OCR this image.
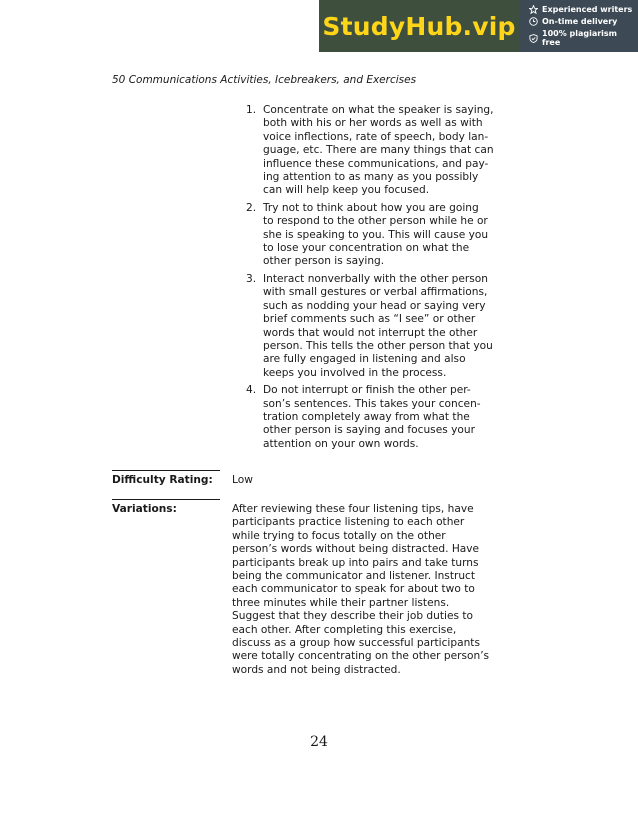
StudyHub.vip
Experienced writers
On-time delivery
100% plagiarism free
50 Communications Activities, Icebreakers, and Exercises
1. Concentrate on what the speaker is saying,
both with his or her words as well as with
voice inflections, rate of speech, body lan-
guage, etc. There are many things that can
influence these communications, and pay-
ing attention to as many as you possibly
can will help keep you focused.
2. Try not to think about how you are going
to respond to the other person while he or
she is speaking to you. This will cause you
to lose your concentration on what the
other person is saying.
3. Interact nonverbally with the other person
with small gestures or verbal affirmations,
such as nodding your head or saying very
brief comments such as “I see” or other
words that would not interrupt the other
person. This tells the other person that you
are fully engaged in listening and also
keeps you involved in the process.
4. Do not interrupt or finish the other per-
son’s sentences. This takes your concen-
tration completely away from what the
other person is saying and focuses your
attention on your own words.
Difficulty Rating: Low
Variations:	After reviewing these four listening tips, have
participants practice listening to each other
while trying to focus totally on the other
person’s words without being distracted. Have
participants break up into pairs and take turns
being the communicator and listener. Instruct
each communicator to speak for about two to
three minutes while their partner listens.
Suggest that they describe their job duties to
each other. After completing this exercise,
discuss as a group how successful participants
were totally concentrating on the other person’s
words and not being distracted.
24
